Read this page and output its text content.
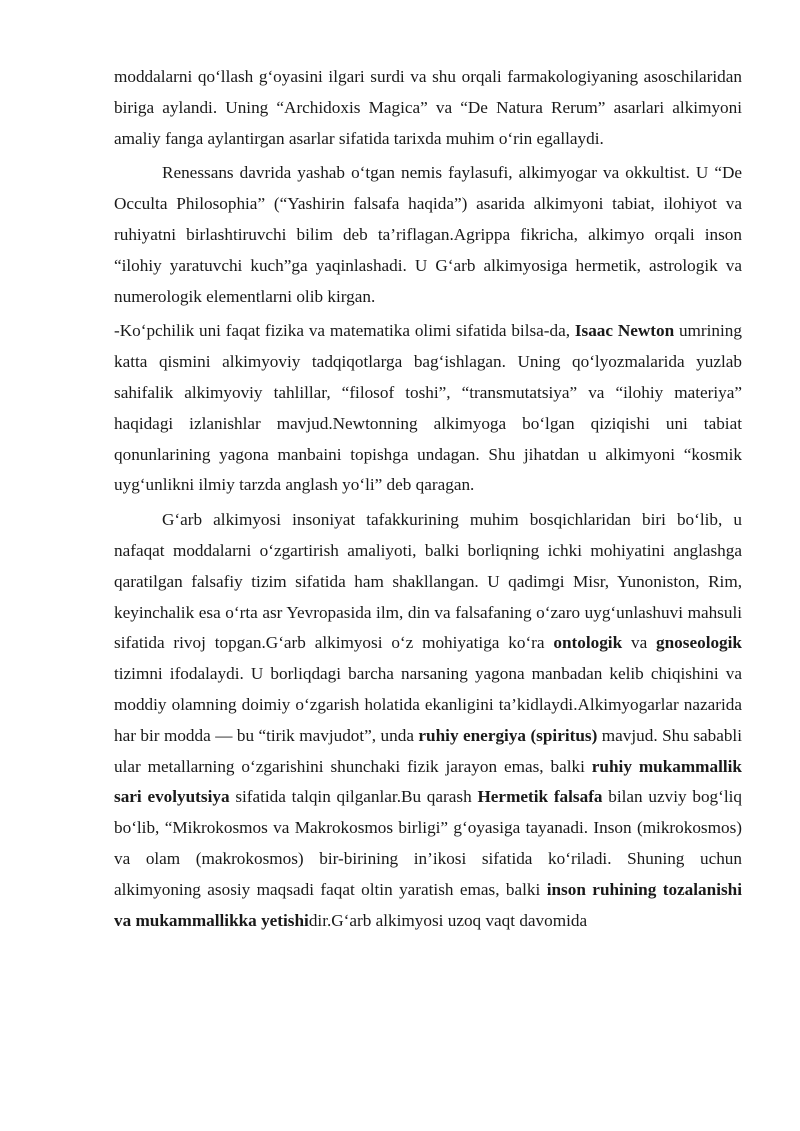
moddalarni qo‘llash g‘oyasini ilgari surdi va shu orqali farmakologiyaning asoschilaridan biriga aylandi. Uning “Archidoxis Magica” va “De Natura Rerum” asarlari alkimyoni amaliy fanga aylantirgan asarlar sifatida tarixda muhim o‘rin egallaydi.

Renessans davrida yashab o‘tgan nemis faylasufi, alkimyogar va okkultist. U “De Occulta Philosophia” (“Yashirin falsafa haqida”) asarida alkimyoni tabiat, ilohiyot va ruhiyatni birlashtiruvchi bilim deb ta’riflagan.Agrippa fikricha, alkimyo orqali inson “ilohiy yaratuvchi kuch”ga yaqinlashadi. U G‘arb alkimyosiga hermetik, astrologik va numerologik elementlarni olib kirgan.

-Ko‘pchilik uni faqat fizika va matematika olimi sifatida bilsa-da, Isaac Newton umrining katta qismini alkimyoviy tadqiqotlarga bag‘ishlagan. Uning qo‘lyozmalarida yuzlab sahifalik alkimyoviy tahlillar, “filosof toshi”, “transmutatsiya” va “ilohiy materiya” haqidagi izlanishlar mavjud.Newtonning alkimyoga bo‘lgan qiziqishi uni tabiat qonunlarining yagona manbaini topishga undagan. Shu jihatdan u alkimyoni “kosmik uyg‘unlikni ilmiy tarzda anglash yo‘li” deb qaragan.

G‘arb alkimyosi insoniyat tafakkurining muhim bosqichlaridan biri bo‘lib, u nafaqat moddalarni o‘zgartirish amaliyoti, balki borliqning ichki mohiyatini anglashga qaratilgan falsafiy tizim sifatida ham shakllangan. U qadimgi Misr, Yunoniston, Rim, keyinchalik esa o‘rta asr Yevropasida ilm, din va falsafaning o‘zaro uyg‘unlashuvi mahsuli sifatida rivoj topgan.G‘arb alkimyosi o‘z mohiyatiga ko‘ra ontologik va gnoseologik tizimni ifodalaydi. U borliqdagi barcha narsaning yagona manbadan kelib chiqishini va moddiy olamning doimiy o‘zgarish holatida ekanligini ta’kidlaydi.Alkimyogarlar nazarida har bir modda — bu “tirik mavjudot”, unda ruhiy energiya (spiritus) mavjud. Shu sababli ular metallarning o‘zgarishini shunchaki fizik jarayon emas, balki ruhiy mukammallik sari evolyutsiya sifatida talqin qilganlar.Bu qarash Hermetik falsafa bilan uzviy bog‘liq bo‘lib, “Mikrokosmos va Makrokosmos birligi” g‘oyasiga tayanadi. Inson (mikrokosmos) va olam (makrokosmos) bir-birining in’ikosi sifatida ko‘riladi. Shuning uchun alkimyoning asosiy maqsadi faqat oltin yaratish emas, balki inson ruhining tozalanishi va mukammallikka yetishidir.G‘arb alkimyosi uzoq vaqt davomida
